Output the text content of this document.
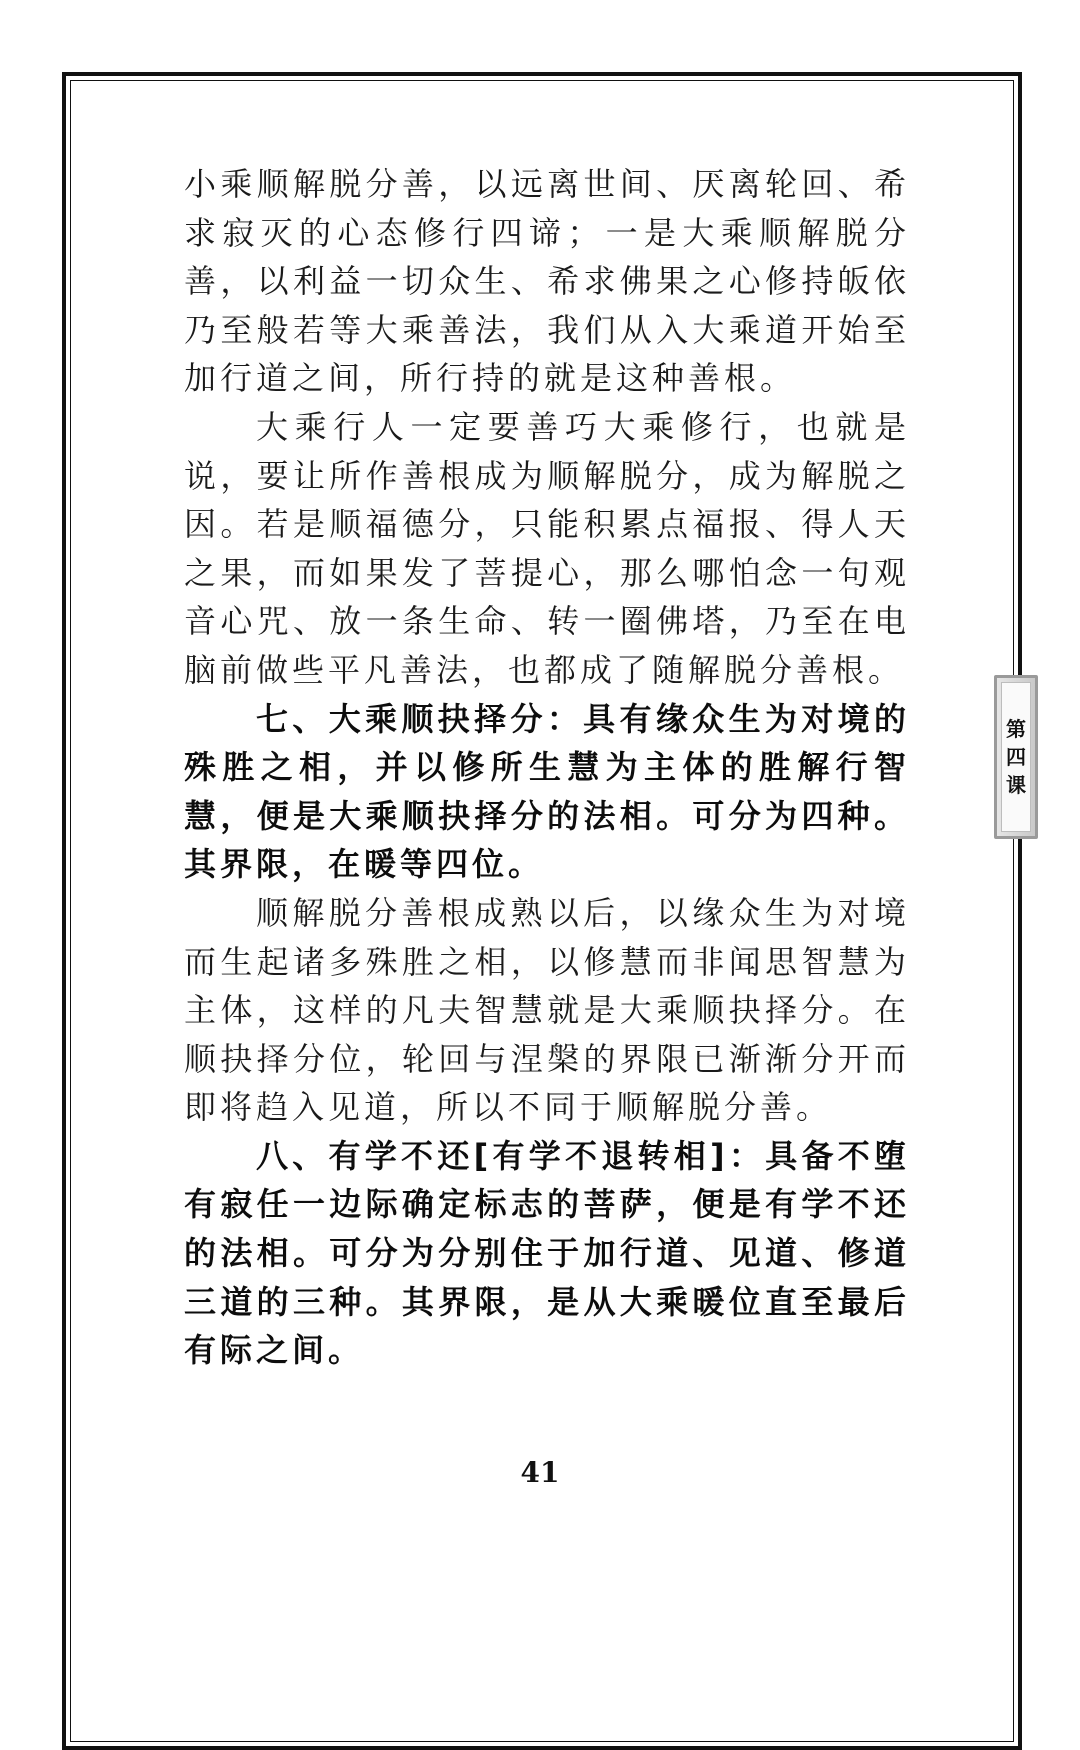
小乘顺解脱分善，以远离世间、厌离轮回、希求寂灭的心态修行四谛；一是大乘顺解脱分善，以利益一切众生、希求佛果之心修持皈依乃至般若等大乘善法，我们从入大乘道开始至加行道之间，所行持的就是这种善根。

大乘行人一定要善巧大乘修行，也就是说，要让所作善根成为顺解脱分，成为解脱之因。若是顺福德分，只能积累点福报、得人天之果，而如果发了菩提心，那么哪怕念一句观音心咒、放一条生命、转一圈佛塔，乃至在电脑前做些平凡善法，也都成了随解脱分善根。

七、大乘顺抉择分：具有缘众生为对境的殊胜之相，并以修所生慧为主体的胜解行智慧，便是大乘顺抉择分的法相。可分为四种。其界限，在暖等四位。

顺解脱分善根成熟以后，以缘众生为对境而生起诸多殊胜之相，以修慧而非闻思智慧为主体，这样的凡夫智慧就是大乘顺抉择分。在顺抉择分位，轮回与涅槃的界限已渐渐分开而即将趋入见道，所以不同于顺解脱分善。

八、有学不还[有学不退转相]：具备不堕有寂任一边际确定标志的菩萨，便是有学不还的法相。可分为分别住于加行道、见道、修道三道的三种。其界限，是从大乘暖位直至最后有际之间。

第四课
41
